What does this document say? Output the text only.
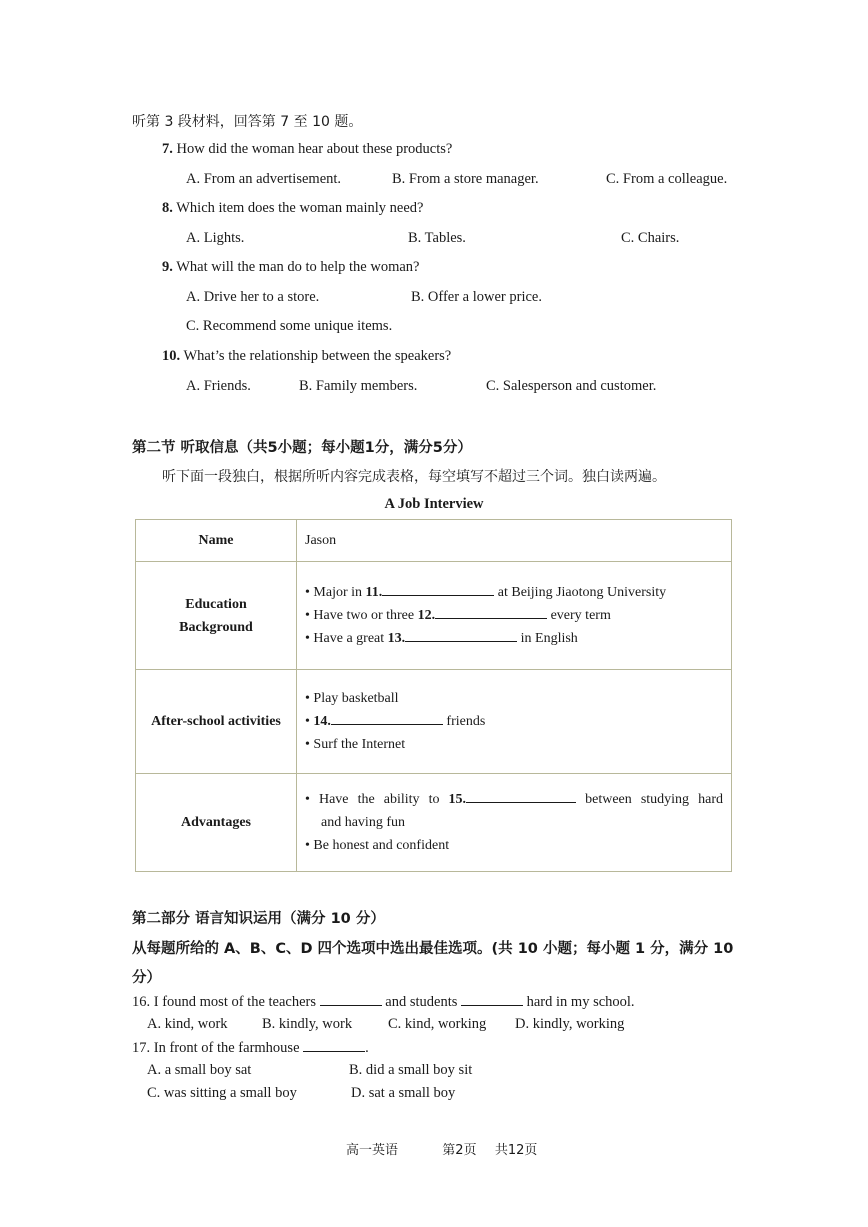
听第 3 段材料，回答第 7 至 10 题。
7. How did the woman hear about these products?
A. From an advertisement.	B. From a store manager.	C. From a colleague.
8. Which item does the woman mainly need?
A. Lights.	B. Tables.	C. Chairs.
9. What will the man do to help the woman?
A. Drive her to a store.	B. Offer a lower price.
C. Recommend some unique items.
10. What’s the relationship between the speakers?
A. Friends.	B. Family members.	C. Salesperson and customer.
第二节 听取信息（共5小题；每小题1分，满分5分）
听下面一段独白，根据所听内容完成表格，每空填写不超过三个词。独白读两遍。
A Job Interview
Name	Jason

Education
Background	• Major in 11. at Beijing Jiaotong University
• Have two or three 12. every term
• Have a great 13. in English

After-school activities	• Play basketball
• 14. friends
• Surf the Internet

Advantages	• Have the ability to 15. between studying hard
and having fun
• Be honest and confident
第二部分 语言知识运用（满分 10 分）
从每题所给的 A、B、C、D 四个选项中选出最佳选项。(共 10 小题；每小题 1 分，满分 10
分）
16. I found most of the teachers	and students	hard in my school.
A. kind, work B. kindly, work C. kind, working D. kindly, working
17. In front of the farmhouse	.
A. a small boy sat	B. did a small boy sit
C. was sitting a small boy	D. sat a small boy
高一英语	第2页 共12页
